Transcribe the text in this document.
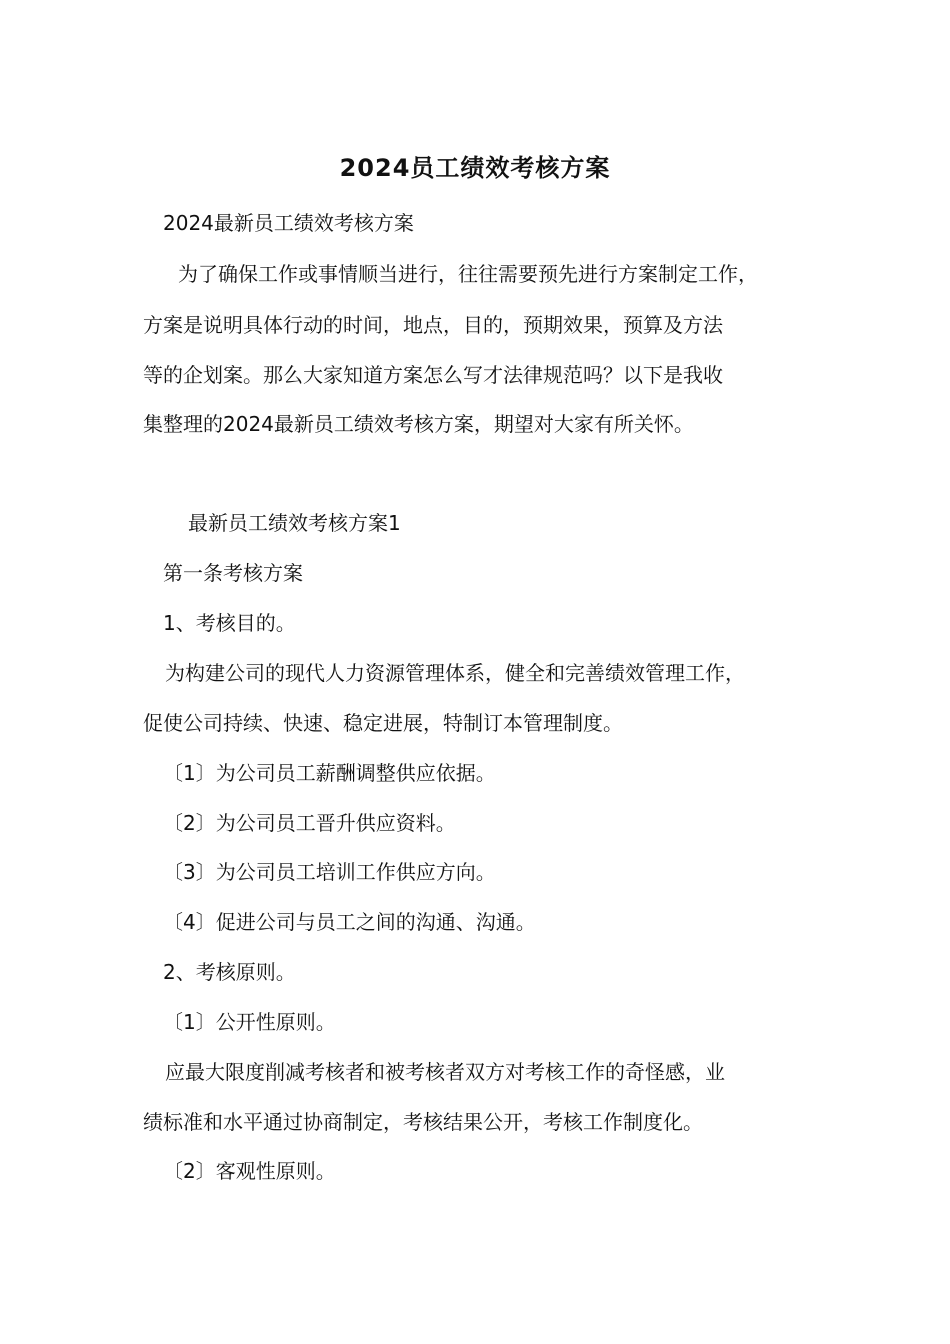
2024员工绩效考核方案
2024最新员工绩效考核方案
为了确保工作或事情顺当进行，往往需要预先进行方案制定工作，
方案是说明具体行动的时间，地点，目的，预期效果，预算及方法
等的企划案。那么大家知道方案怎么写才法律规范吗？以下是我收
集整理的2024最新员工绩效考核方案，期望对大家有所关怀。
最新员工绩效考核方案1
第一条考核方案
1、考核目的。
为构建公司的现代人力资源管理体系，健全和完善绩效管理工作，
促使公司持续、快速、稳定进展，特制订本管理制度。
〔1〕为公司员工薪酬调整供应依据。
〔2〕为公司员工晋升供应资料。
〔3〕为公司员工培训工作供应方向。
〔4〕促进公司与员工之间的沟通、沟通。
2、考核原则。
〔1〕公开性原则。
应最大限度削减考核者和被考核者双方对考核工作的奇怪感，业
绩标准和水平通过协商制定，考核结果公开，考核工作制度化。
〔2〕客观性原则。
